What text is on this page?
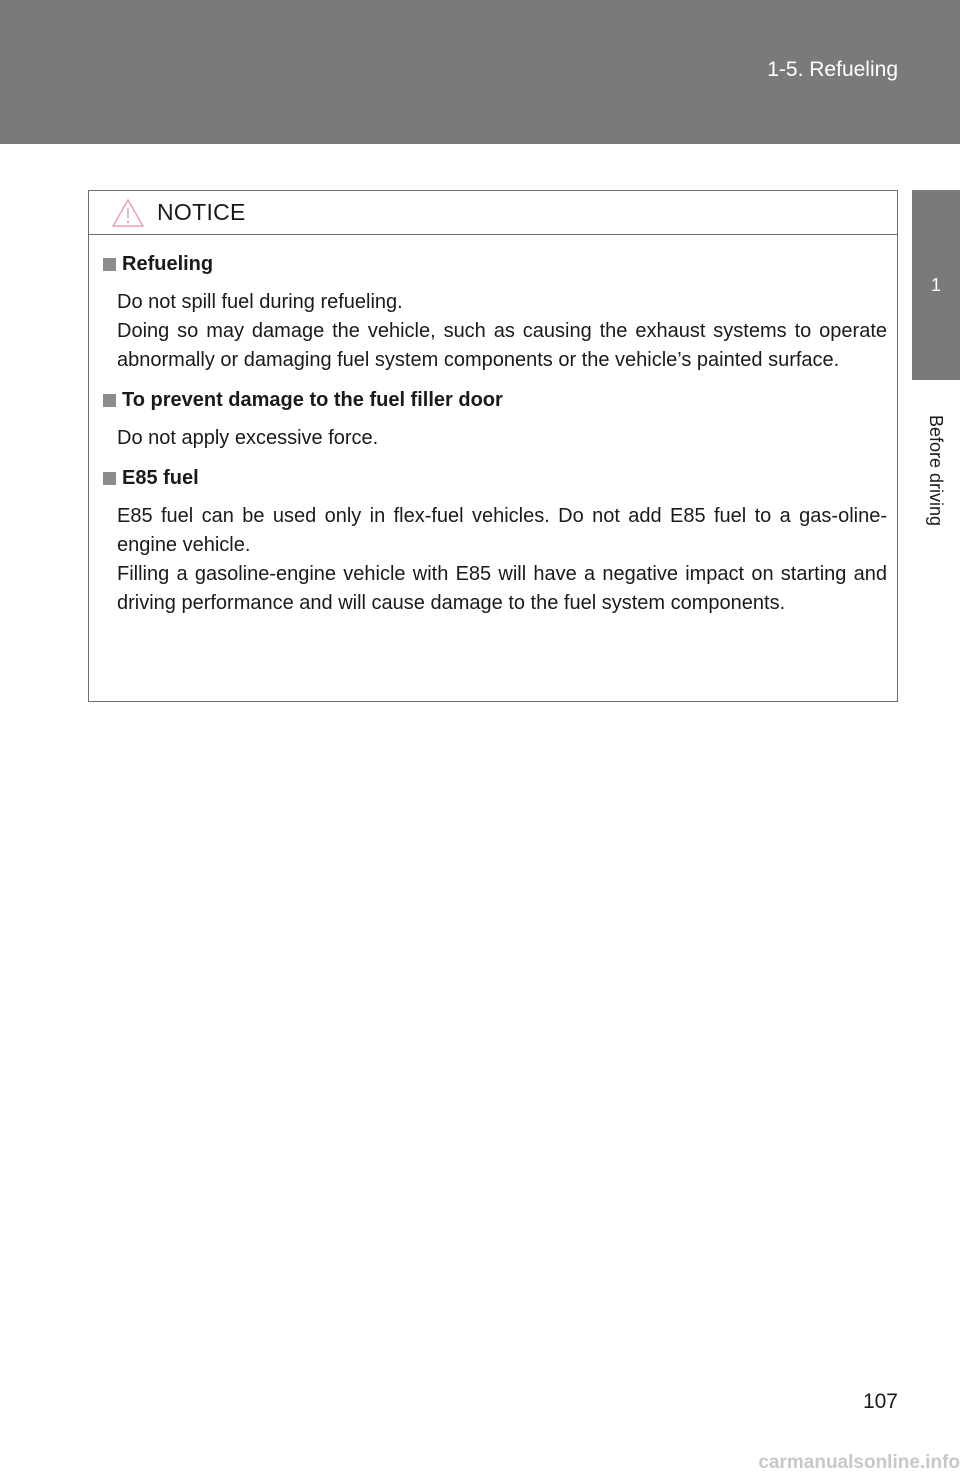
1-5. Refueling
1
Before driving
NOTICE
Refueling

Do not spill fuel during refueling.

Doing so may damage the vehicle, such as causing the exhaust systems to operate abnormally or damaging fuel system components or the vehicle’s painted surface.

To prevent damage to the fuel filler door

Do not apply excessive force.

E85 fuel

E85 fuel can be used only in flex-fuel vehicles. Do not add E85 fuel to a gas-oline-engine vehicle.

Filling a gasoline-engine vehicle with E85 will have a negative impact on starting and driving performance and will cause damage to the fuel system components.

107
carmanualsonline.info
